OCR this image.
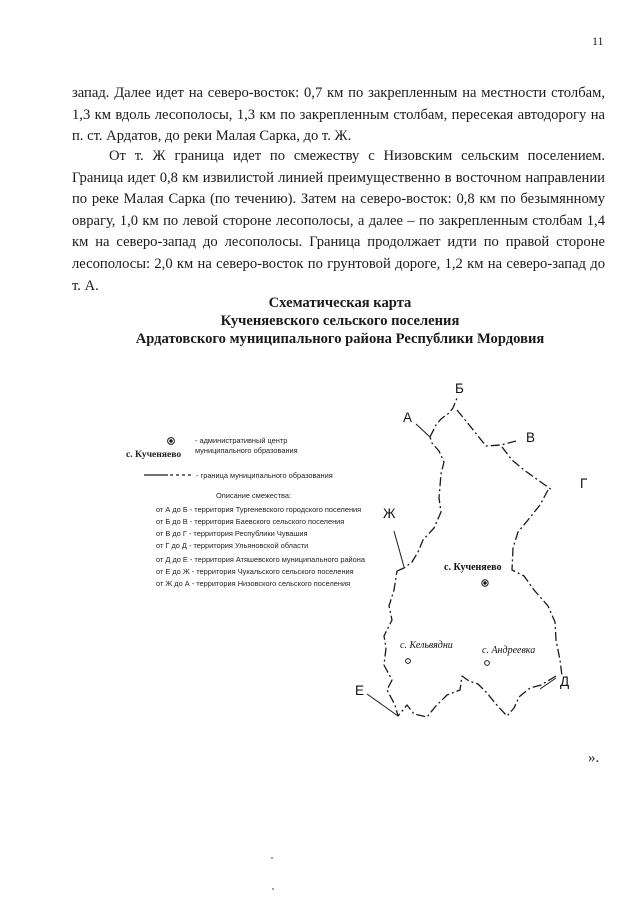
11

запад. Далее идет на северо-восток: 0,7 км по закрепленным на местности столбам, 1,3 км вдоль лесополосы, 1,3 км по закрепленным столбам, пересекая автодорогу на п. ст. Ардатов, до реки Малая Сарка, до т. Ж.

От т. Ж граница идет по смежеству с Низовским сельским поселением. Граница идет 0,8 км извилистой линией преимущественно в восточном направлении по реке Малая Сарка (по течению). Затем на северо-восток: 0,8 км по безымянному оврагу, 1,0 км по левой стороне лесополосы, а далее – по закрепленным столбам 1,4 км на северо-запад до лесополосы. Граница продолжает идти по правой стороне лесополосы: 2,0 км на северо-восток по грунтовой дороге, 1,2 км на северо-запад до т. А.

Схематическая карта
Кученяевского сельского поселения
Ардатовского муниципального района Республики Мордовия
А
Б
В
Г
Д
Е
Ж
с. Кученяево
с. Кельвядни	с. Андреевка
с. Кученяево
- административный центр
муниципального образования
- граница муниципального образования
Описание смежества:
от А до Б - территория Тургеневского городского поселения
от Б до В - территория Баевского сельского поселения
от В до Г - территория Республики Чувашия
от Г до Д - территория Ульяновской области
от Д до Е - территория Атяшевского муниципального района
от Е до Ж - территория Чукальского сельского поселения
от Ж до А - территория Низовского сельского поселения
».
